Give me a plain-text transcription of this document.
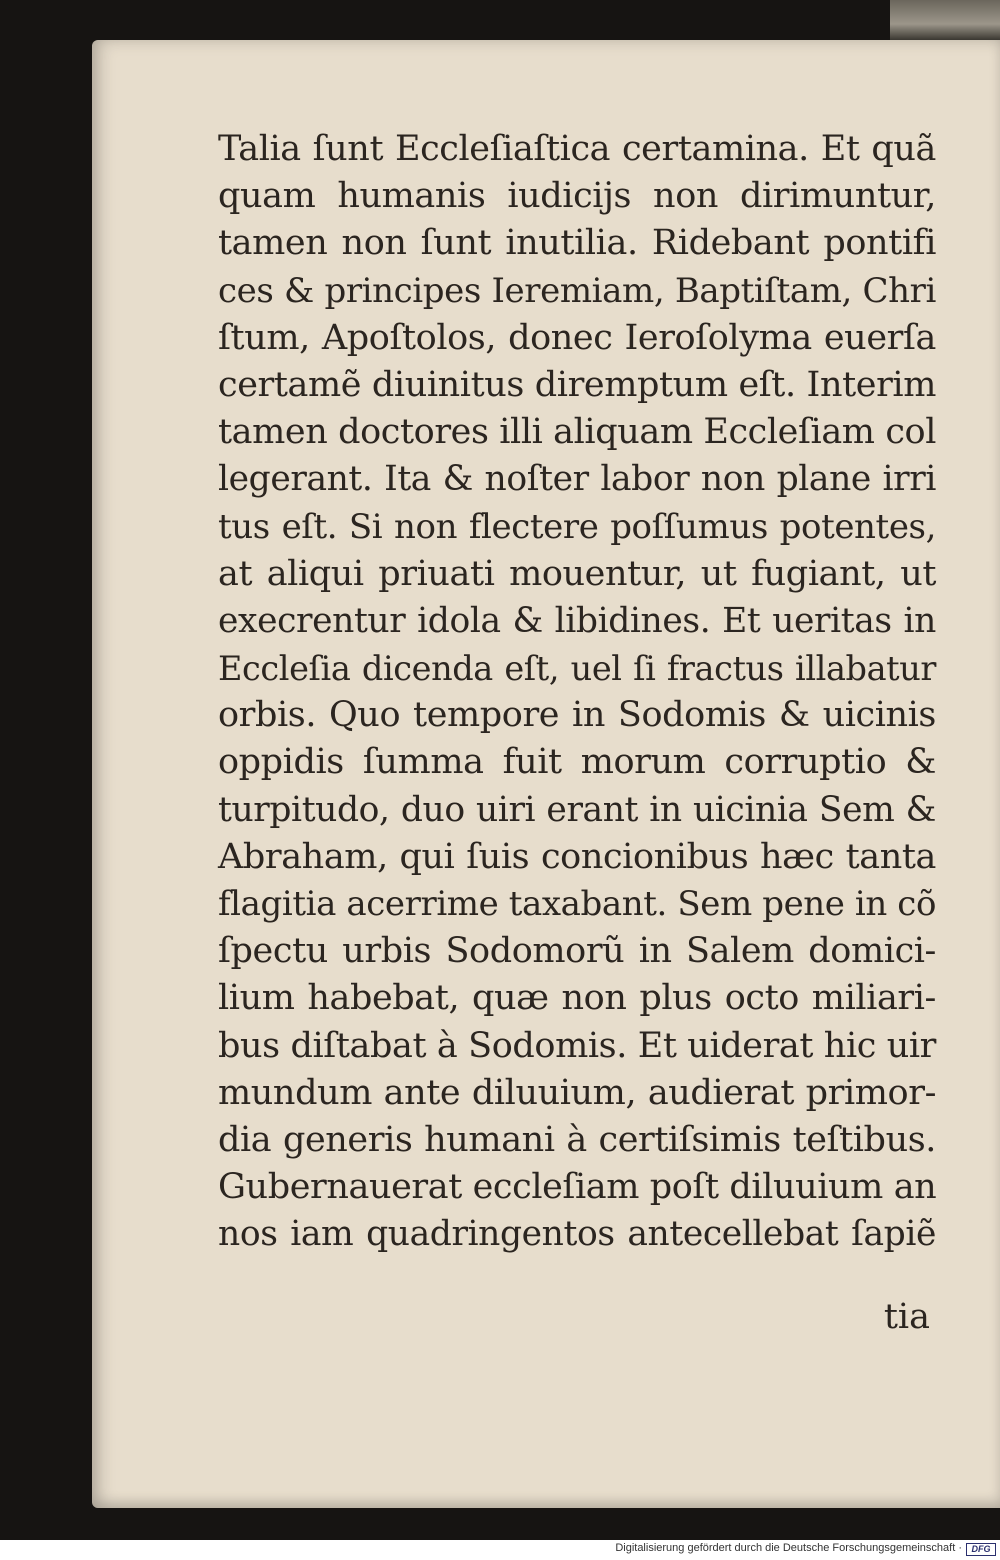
Talia ſunt Eccleſiaſtica certamina. Et quã
quam humanis iudicijs non dirimuntur,
tamen non ſunt inutilia. Ridebant pontifi
ces & principes Ieremiam, Baptiſtam, Chri
ſtum, Apoſtolos, donec Ieroſolyma euerſa
certamẽ diuinitus diremptum eſt. Interim
tamen doctores illi aliquam Eccleſiam col
legerant. Ita & noſter labor non plane irri
tus eſt. Si non flectere poſſumus potentes,
at aliqui priuati mouentur, ut fugiant, ut
execrentur idola & libidines. Et ueritas in
Eccleſia dicenda eſt, uel ſi fractus illabatur
orbis. Quo tempore in Sodomis & uicinis
oppidis ſumma fuit morum corruptio &
turpitudo, duo uiri erant in uicinia Sem &
Abraham, qui ſuis concionibus hæc tanta
flagitia acerrime taxabant. Sem pene in cõ
ſpectu urbis Sodomorũ in Salem domici-
lium habebat, quæ non plus octo miliari-
bus diſtabat à Sodomis. Et uiderat hic uir
mundum ante diluuium, audierat primor-
dia generis humani à certiſsimis teſtibus.
Gubernauerat eccleſiam poſt diluuium an
nos iam quadringentos antecellebat ſapiẽ
tia
Digitalisierung gefördert durch die Deutsche Forschungsgemeinschaft ·	DFG
